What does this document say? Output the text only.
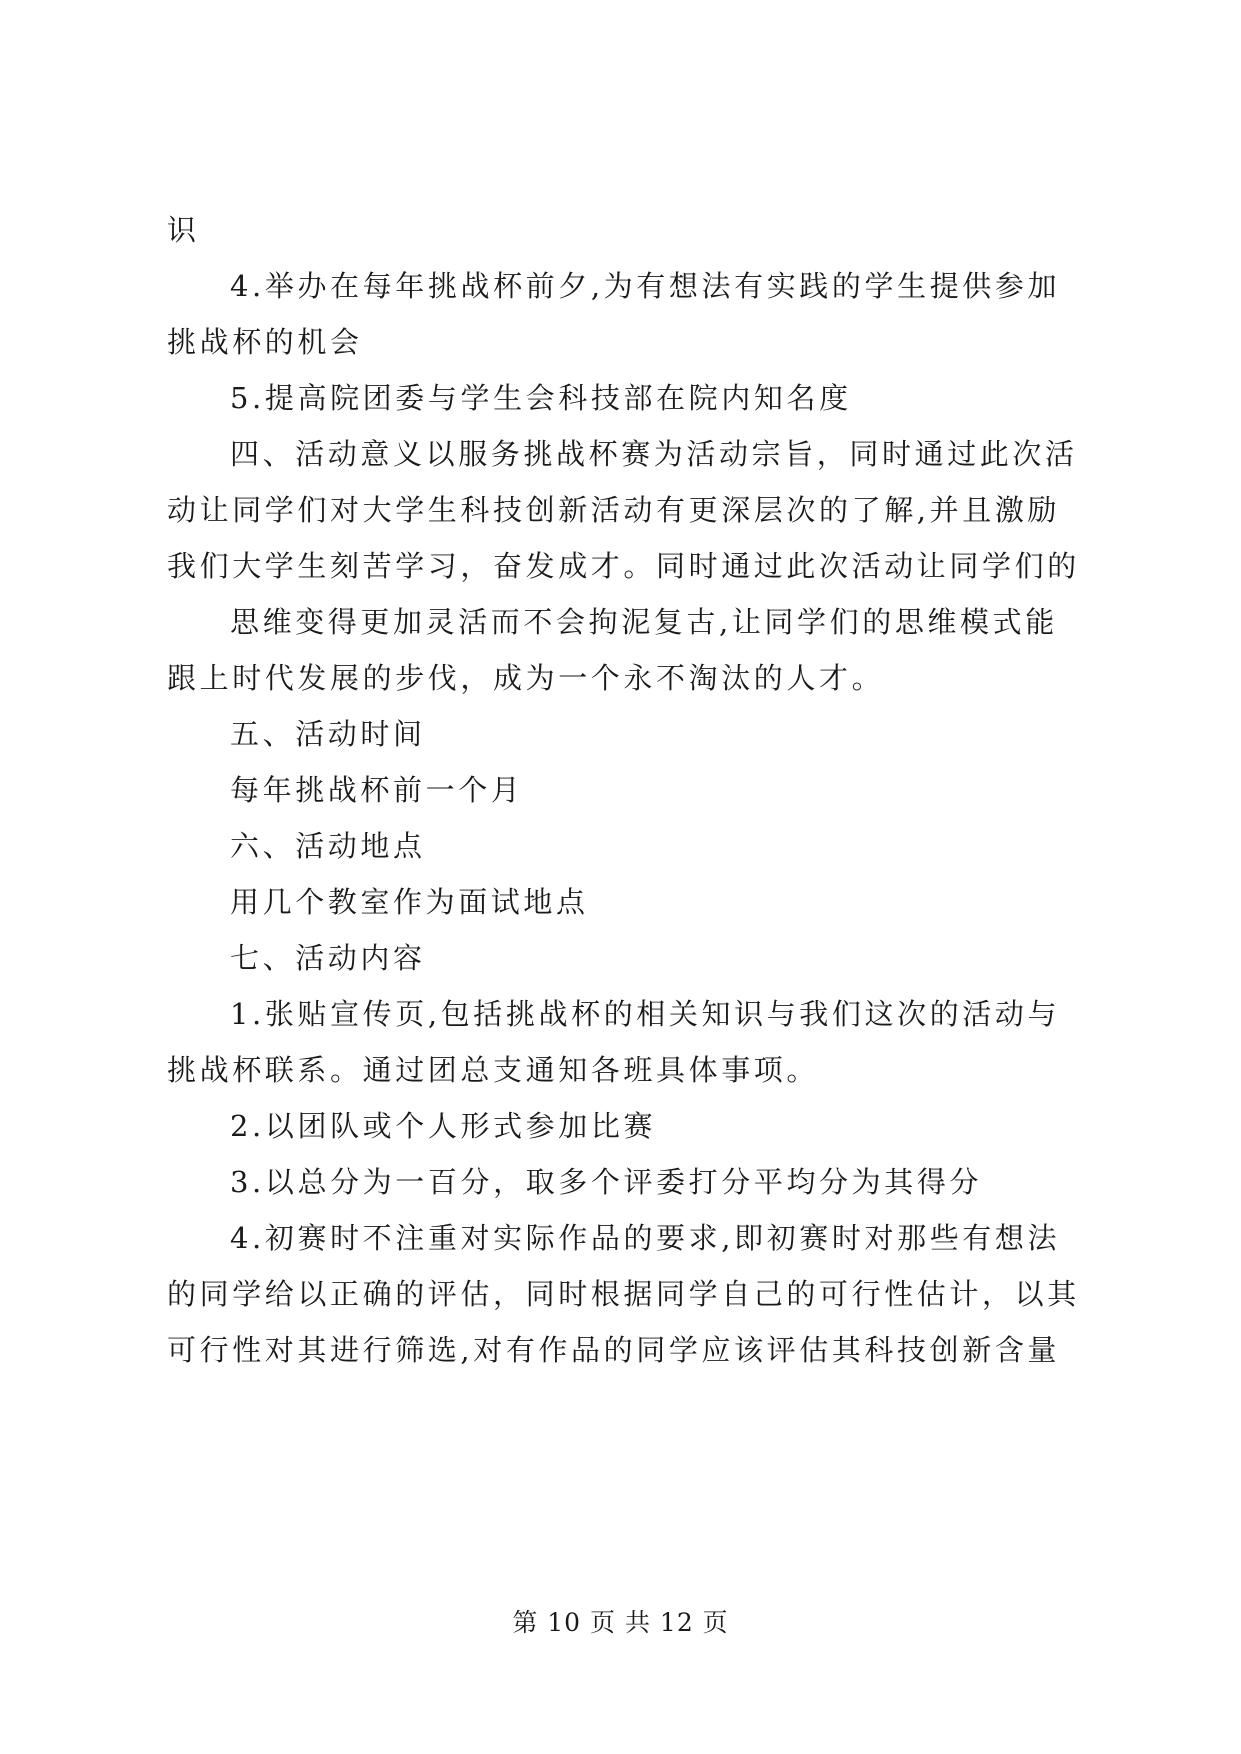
识
4.举办在每年挑战杯前夕,为有想法有实践的学生提供参加
挑战杯的机会
5.提高院团委与学生会科技部在院内知名度
四、活动意义以服务挑战杯赛为活动宗旨，同时通过此次活
动让同学们对大学生科技创新活动有更深层次的了解,并且激励
我们大学生刻苦学习，奋发成才。同时通过此次活动让同学们的
思维变得更加灵活而不会拘泥复古,让同学们的思维模式能
跟上时代发展的步伐，成为一个永不淘汰的人才。
五、活动时间
每年挑战杯前一个月
六、活动地点
用几个教室作为面试地点
七、活动内容
1.张贴宣传页,包括挑战杯的相关知识与我们这次的活动与
挑战杯联系。通过团总支通知各班具体事项。
2.以团队或个人形式参加比赛
3.以总分为一百分，取多个评委打分平均分为其得分
4.初赛时不注重对实际作品的要求,即初赛时对那些有想法
的同学给以正确的评估，同时根据同学自己的可行性估计，以其
可行性对其进行筛选,对有作品的同学应该评估其科技创新含量
第 10 页 共 12 页
